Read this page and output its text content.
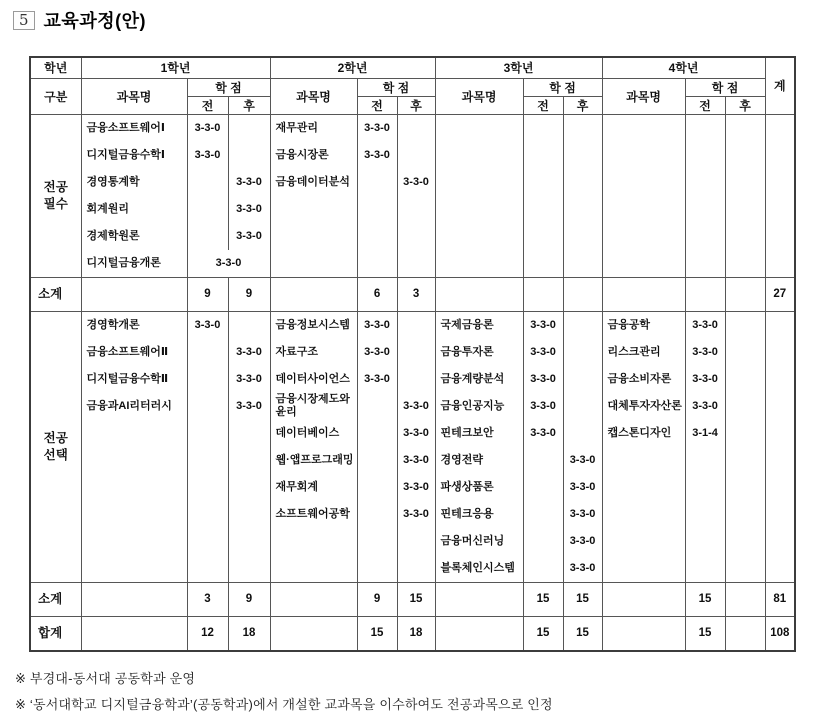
5 교육과정(안)
학년	1학년			2학년			3학년			4학년			계
구분	과목명	학 점		과목명	학 점		과목명	학 점		과목명	학 점		
		전	후		전	후		전	후		전	후	

전공
필수	금융소프트웨어Ⅰ	3-3-0		재무관리	3-3-0								
	디지털금융수학Ⅰ	3-3-0		금융시장론	3-3-0								
	경영통계학		3-3-0	금융데이터분석		3-3-0							
	회계원리		3-3-0										
	경제학원론		3-3-0										
	디지털금융개론	3-3-0											
소계		9	9		6	3							27

전공
선택	경영학개론	3-3-0		금융정보시스템	3-3-0		국제금융론	3-3-0		금융공학	3-3-0		
	금융소프트웨어Ⅱ		3-3-0	자료구조	3-3-0		금융투자론	3-3-0		리스크관리	3-3-0		
	디지털금융수학Ⅱ		3-3-0	데이터사이언스	3-3-0		금융계량분석	3-3-0		금융소비자론	3-3-0		
	금융과AI리터러시		3-3-0	금융시장제도와윤리		3-3-0	금융인공지능	3-3-0		대체투자자산론	3-3-0		
				데이터베이스		3-3-0	핀테크보안	3-3-0		캡스톤디자인	3-1-4		
				웹·앱프로그래밍		3-3-0	경영전략		3-3-0				
				재무회계		3-3-0	파생상품론		3-3-0				
				소프트웨어공학		3-3-0	핀테크응용		3-3-0				
							금융머신러닝		3-3-0				
							블록체인시스템		3-3-0				
소계		3	9		9	15		15	15		15		81
합계		12	18		15	18		15	15		15		108
※ 부경대-동서대 공동학과 운영
※ ‘동서대학교 디지털금융학과’(공동학과)에서 개설한 교과목을 이수하여도 전공과목으로 인정
